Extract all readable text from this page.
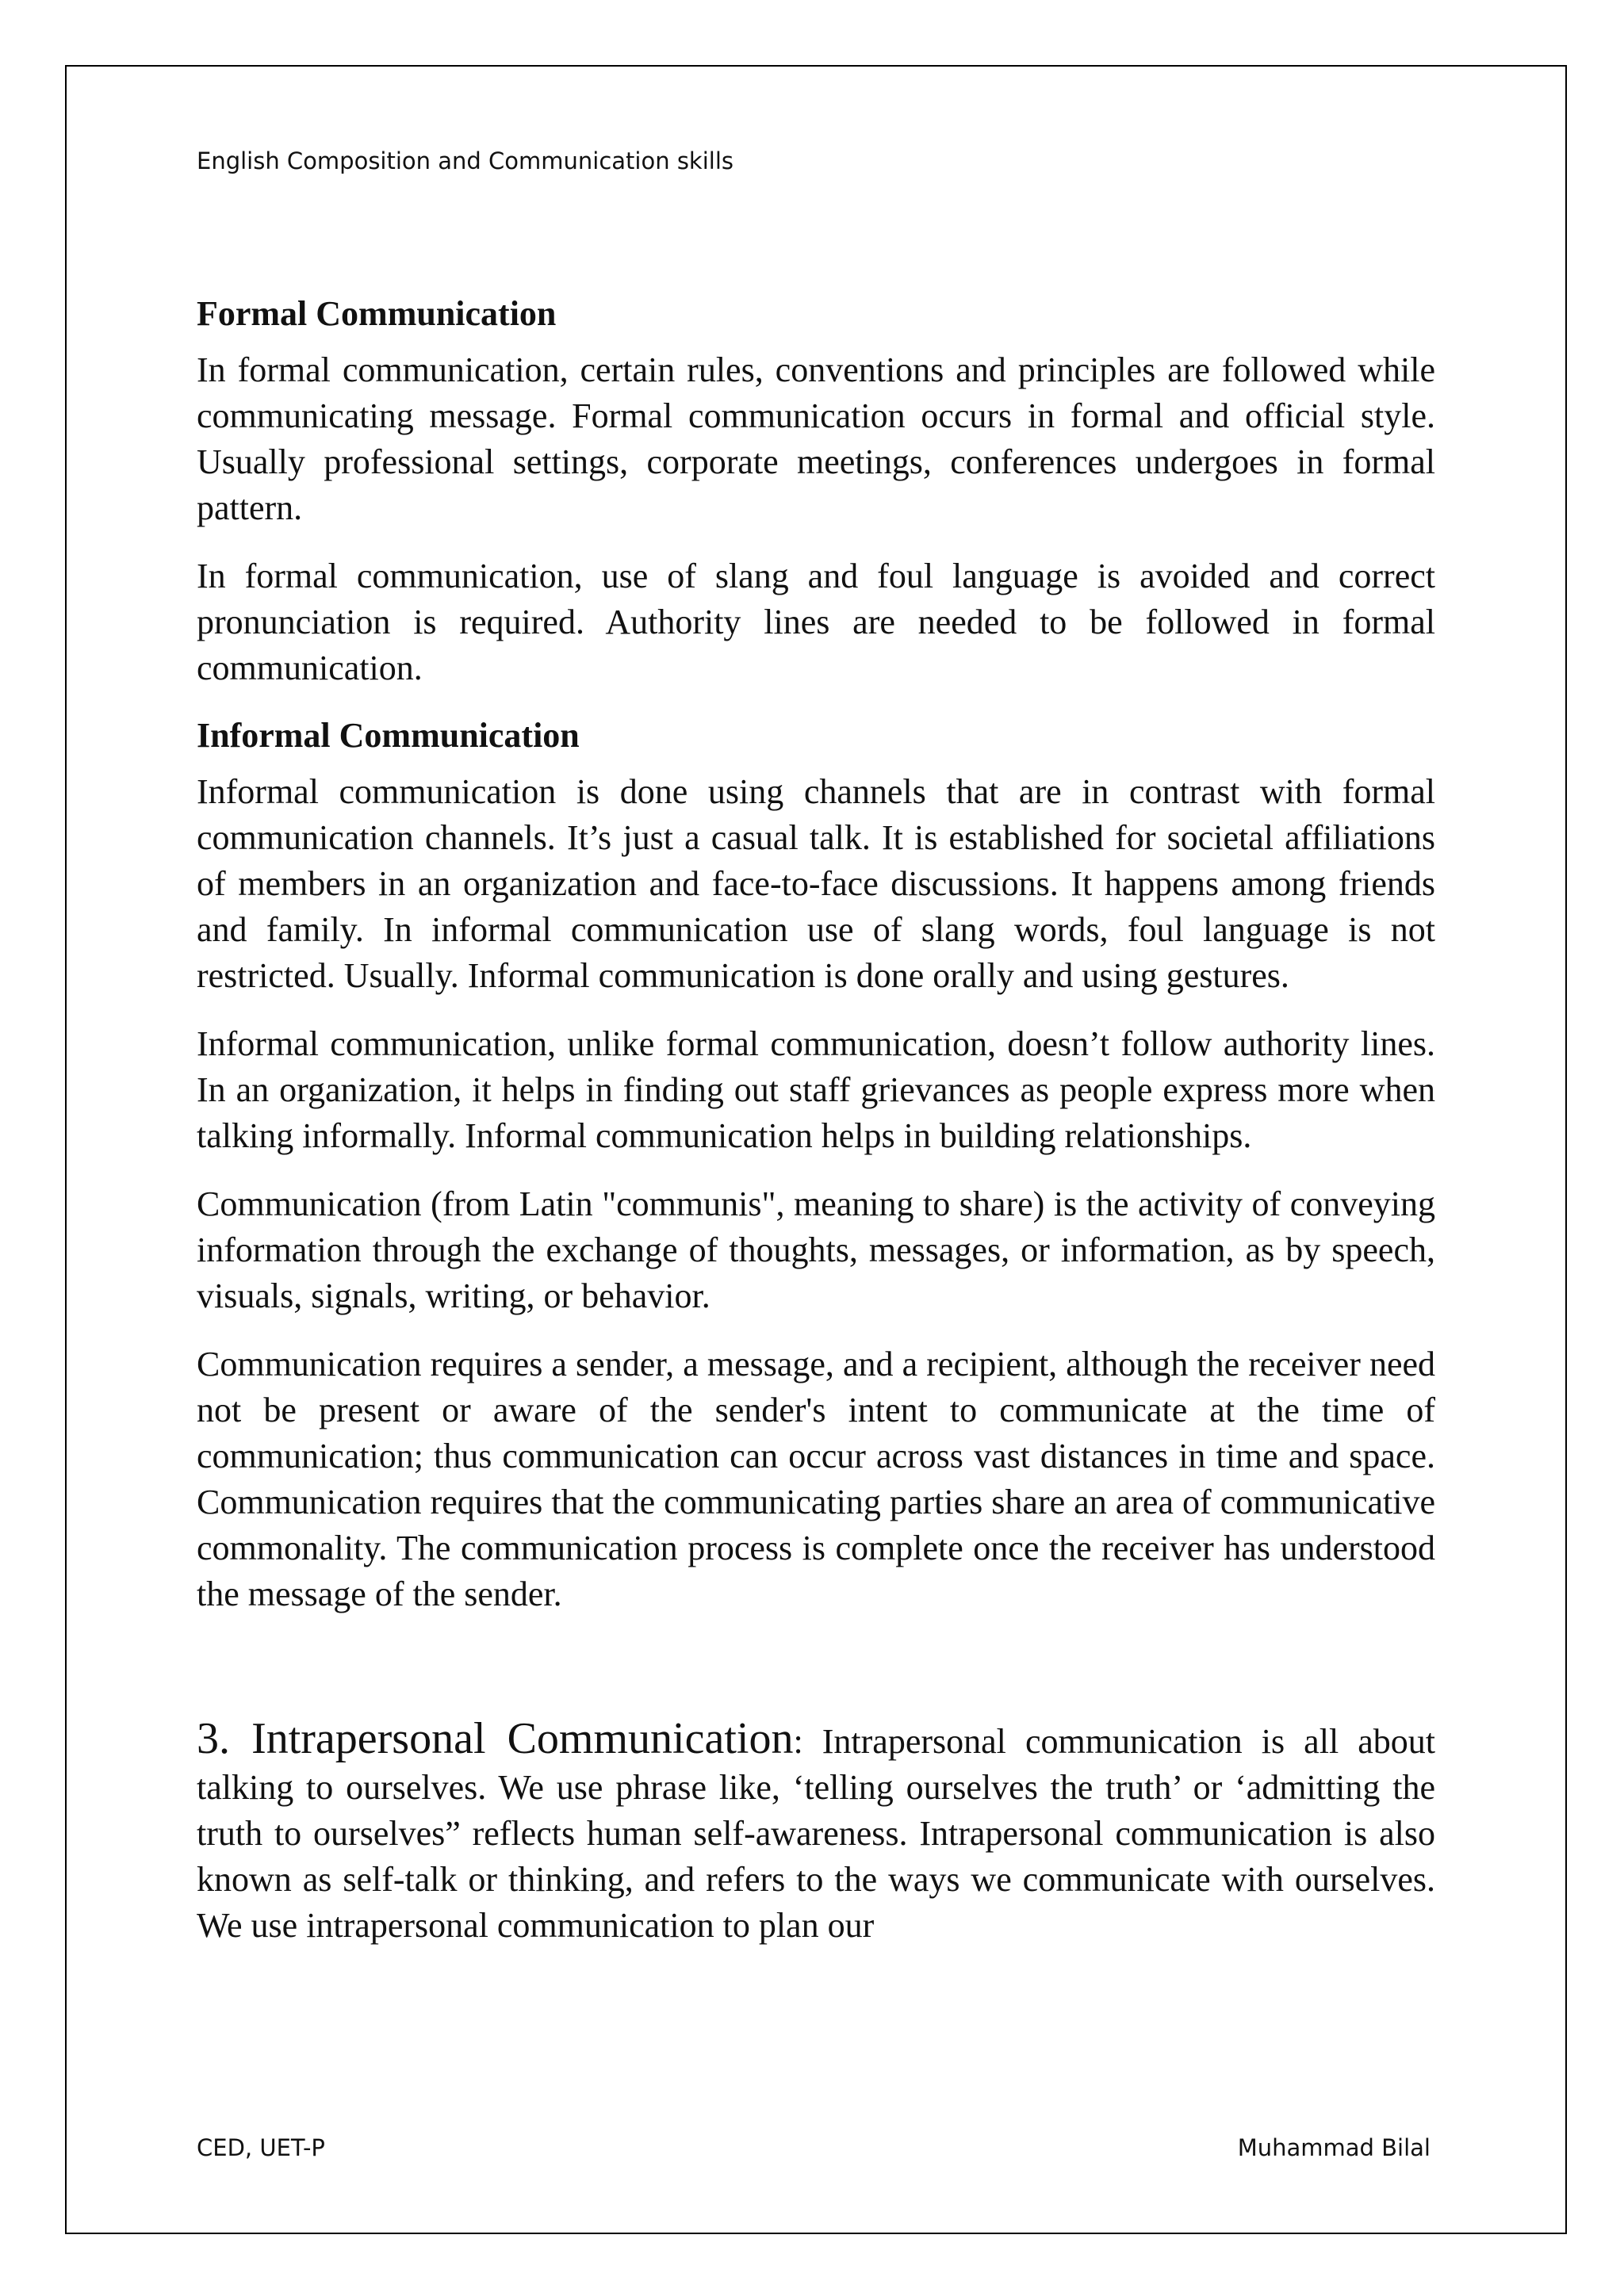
English Composition and Communication skills
Formal Communication

In formal communication, certain rules, conventions and principles are followed while communicating message. Formal communication occurs in formal and official style. Usually professional settings, corporate meetings, conferences undergoes in formal pattern.

In formal communication, use of slang and foul language is avoided and correct pronunciation is required. Authority lines are needed to be followed in formal communication.

Informal Communication

Informal communication is done using channels that are in contrast with formal communication channels. It’s just a casual talk. It is established for societal affiliations of members in an organization and face-to-face discussions. It happens among friends and family. In informal communication use of slang words, foul language is not restricted. Usually. Informal communication is done orally and using gestures.

Informal communication, unlike formal communication, doesn’t follow authority lines. In an organization, it helps in finding out staff grievances as people express more when talking informally. Informal communication helps in building relationships.

Communication (from Latin "communis", meaning to share) is the activity of conveying information through the exchange of thoughts, messages, or information, as by speech, visuals, signals, writing, or behavior.

Communication requires a sender, a message, and a recipient, although the receiver need not be present or aware of the sender's intent to communicate at the time of communication; thus communication can occur across vast distances in time and space. Communication requires that the communicating parties share an area of communicative commonality. The communication process is complete once the receiver has understood the message of the sender.

3. Intrapersonal Communication: Intrapersonal communication is all about talking to ourselves. We use phrase like, ‘telling ourselves the truth’ or ‘admitting the truth to ourselves” reflects human self-awareness. Intrapersonal communication is also known as self-talk or thinking, and refers to the ways we communicate with ourselves. We use intrapersonal communication to plan our

CED, UET-P	Muhammad Bilal
